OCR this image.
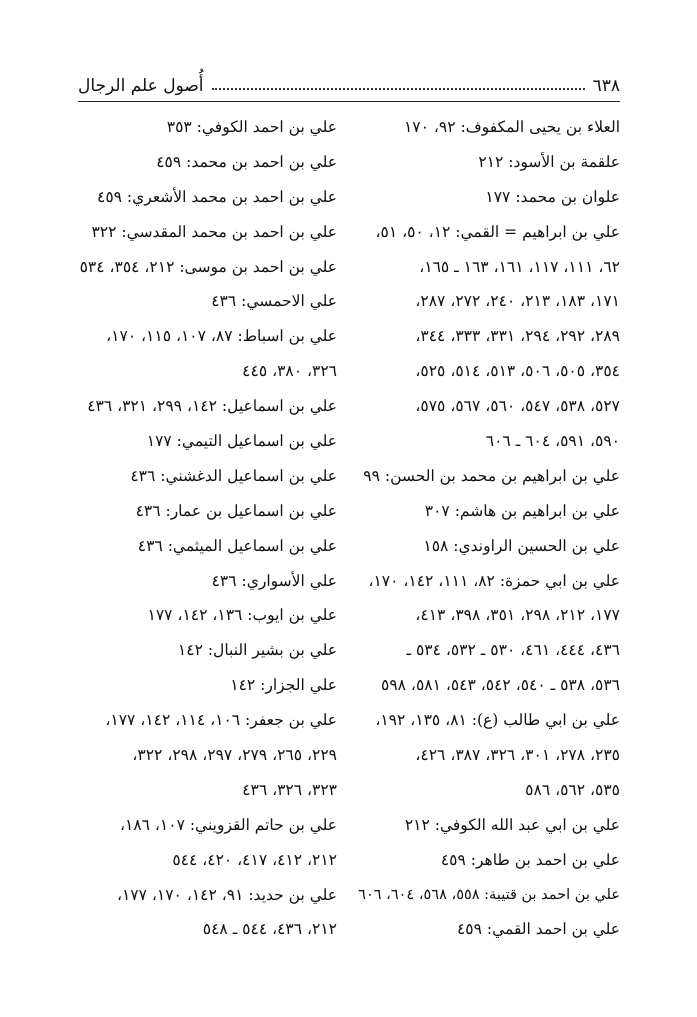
٦٣٨
أُصول علم الرجال
العلاء بن يحيى المكفوف: ٩٢، ١٧٠
علقمة بن الأسود: ٢١٢
علوان بن محمد: ١٧٧
علي بن ابراهيم = القمي: ١٢، ٥٠، ٥١،
٦٢، ١١١، ١١٧، ١٦١، ١٦٣ ـ ١٦٥،
١٧١، ١٨٣، ٢١٣، ٢٤٠، ٢٧٢، ٢٨٧،
٢٨٩، ٢٩٢، ٢٩٤، ٣٣١، ٣٣٣، ٣٤٤،
٣٥٤، ٥٠٥، ٥٠٦، ٥١٣، ٥١٤، ٥٢٥،
٥٢٧، ٥٣٨، ٥٤٧، ٥٦٠، ٥٦٧، ٥٧٥،
٥٩٠، ٥٩١، ٦٠٤ ـ ٦٠٦
علي بن ابراهيم بن محمد بن الحسن: ٩٩
علي بن ابراهيم بن هاشم: ٣٠٧
علي بن الحسين الراوندي: ١٥٨
علي بن ابي حمزة: ٨٢، ١١١، ١٤٢، ١٧٠،
١٧٧، ٢١٢، ٢٩٨، ٣٥١، ٣٩٨، ٤١٣،
٤٣٦، ٤٤٤، ٤٦١، ٥٣٠ ـ ٥٣٢، ٥٣٤ ـ
٥٣٦، ٥٣٨ ـ ٥٤٠، ٥٤٢، ٥٤٣، ٥٨١، ٥٩٨
علي بن ابي طالب (ع): ٨١، ١٣٥، ١٩٢،
٢٣٥، ٢٧٨، ٣٠١، ٣٢٦، ٣٨٧، ٤٢٦،
٥٣٥، ٥٦٢، ٥٨٦
علي بن ابي عبد الله الكوفي: ٢١٢
علي بن احمد بن طاهر: ٤٥٩
علي بن احمد بن قتيبة: ٥٥٨، ٥٦٨، ٦٠٤، ٦٠٦
علي بن احمد القمي: ٤٥٩
علي بن احمد الكوفي: ٣٥٣
علي بن احمد بن محمد: ٤٥٩
علي بن احمد بن محمد الأشعري: ٤٥٩
علي بن احمد بن محمد المقدسي: ٣٢٢
علي بن احمد بن موسى: ٢١٢، ٣٥٤، ٥٣٤
علي الاحمسي: ٤٣٦
علي بن اسباط: ٨٧، ١٠٧، ١١٥، ١٧٠،
٣٢٦، ٣٨٠، ٤٤٥
علي بن اسماعيل: ١٤٢، ٢٩٩، ٣٢١، ٤٣٦
علي بن اسماعيل التيمي: ١٧٧
علي بن اسماعيل الدغشني: ٤٣٦
علي بن اسماعيل بن عمار: ٤٣٦
علي بن اسماعيل الميثمي: ٤٣٦
علي الأسواري: ٤٣٦
علي بن ايوب: ١٣٦، ١٤٢، ١٧٧
علي بن بشير النبال: ١٤٢
علي الجزار: ١٤٢
علي بن جعفر: ١٠٦، ١١٤، ١٤٢، ١٧٧،
٢٢٩، ٢٦٥، ٢٧٩، ٢٩٧، ٢٩٨، ٣٢٢،
٣٢٣، ٣٢٦، ٤٣٦
علي بن حاتم القزويني: ١٠٧، ١٨٦،
٢١٢، ٤١٢، ٤١٧، ٤٢٠، ٥٤٤
علي بن حديد: ٩١، ١٤٢، ١٧٠، ١٧٧،
٢١٢، ٤٣٦، ٥٤٤ ـ ٥٤٨
